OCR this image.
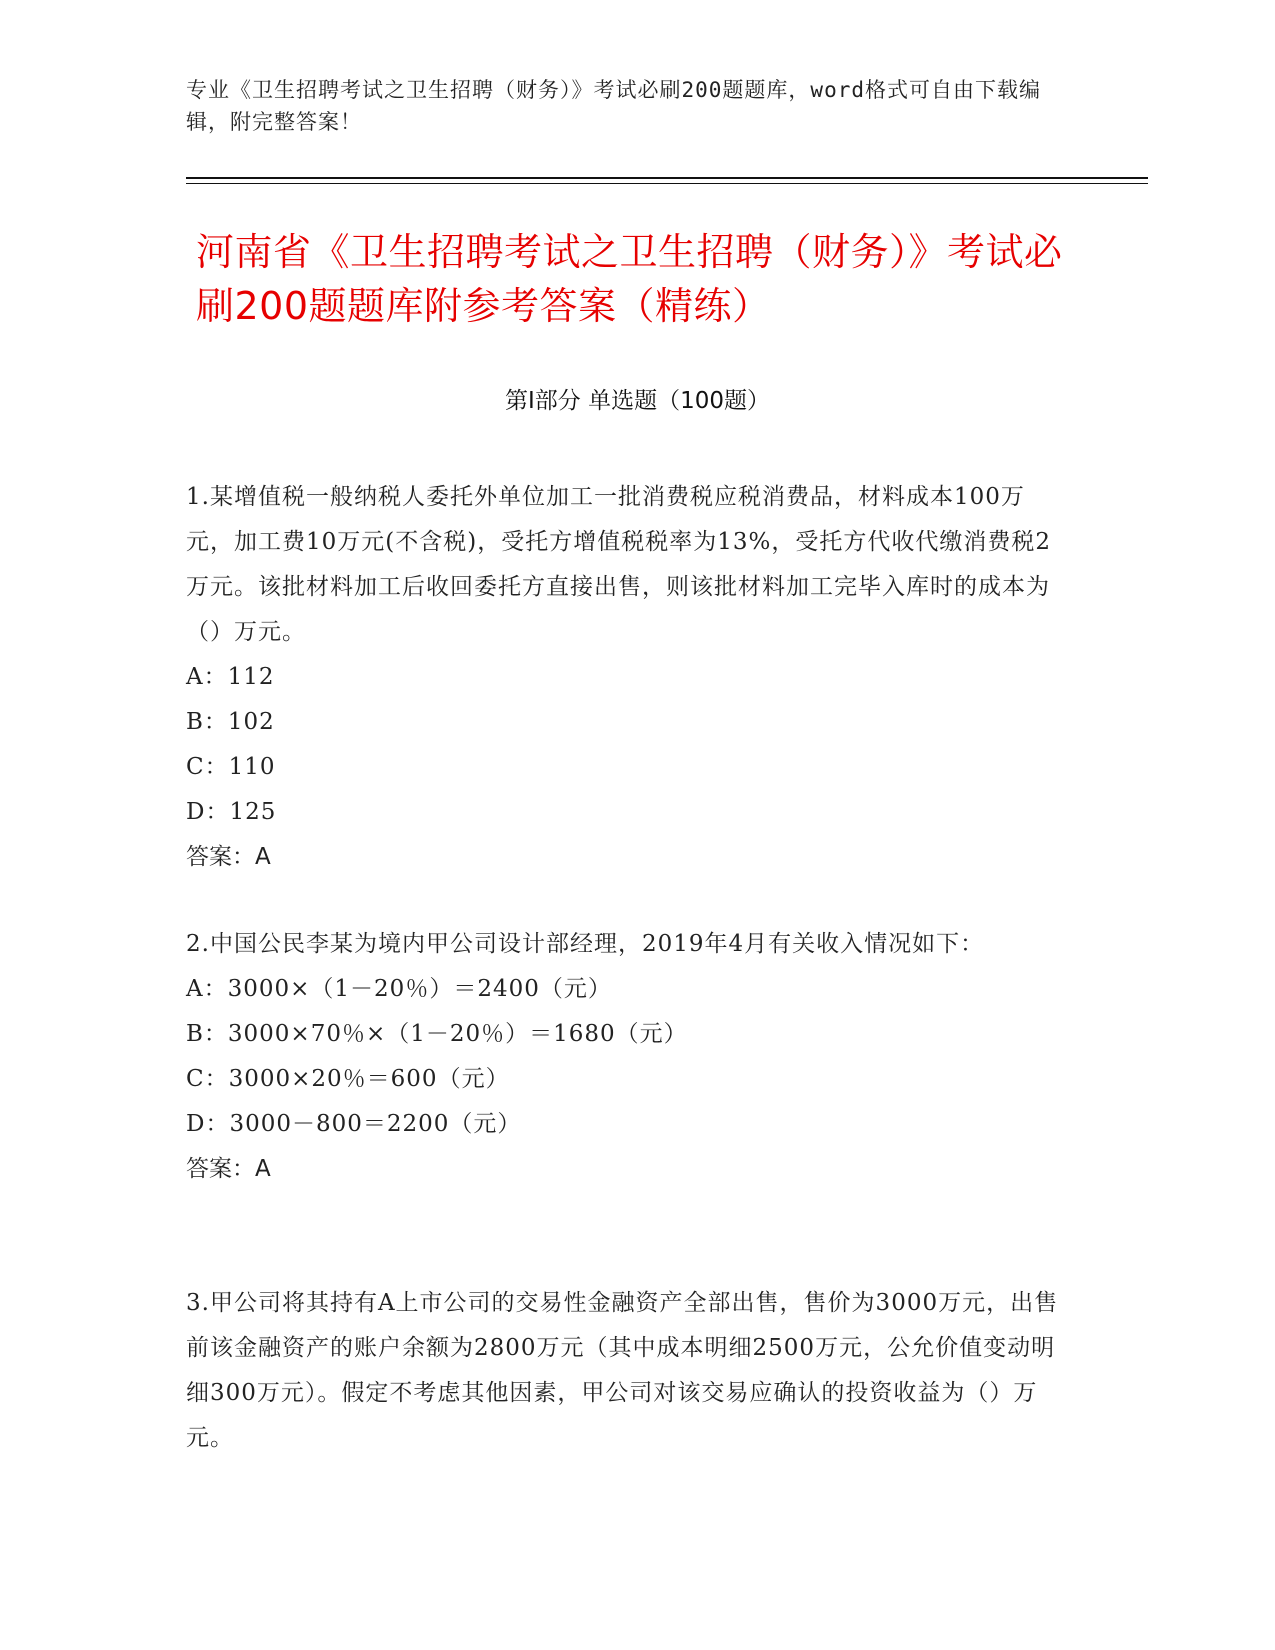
专业《卫生招聘考试之卫生招聘（财务）》考试必刷200题题库，word格式可自由下载编辑，附完整答案！
河南省《卫生招聘考试之卫生招聘（财务）》考试必刷200题题库附参考答案（精练）
第Ⅰ部分 单选题（100题）
1.某增值税一般纳税人委托外单位加工一批消费税应税消费品，材料成本100万元，加工费10万元(不含税)，受托方增值税税率为13%，受托方代收代缴消费税2万元。该批材料加工后收回委托方直接出售，则该批材料加工完毕入库时的成本为（）万元。
A：112
B：102
C：110
D：125
答案：A
2.中国公民李某为境内甲公司设计部经理，2019年4月有关收入情况如下：
A：3000×（1－20％）＝2400（元）
B：3000×70％×（1－20％）＝1680（元）
C：3000×20％＝600（元）
D：3000－800＝2200（元）
答案：A
3.甲公司将其持有A上市公司的交易性金融资产全部出售，售价为3000万元，出售前该金融资产的账户余额为2800万元（其中成本明细2500万元，公允价值变动明细300万元）。假定不考虑其他因素，甲公司对该交易应确认的投资收益为（）万元。
